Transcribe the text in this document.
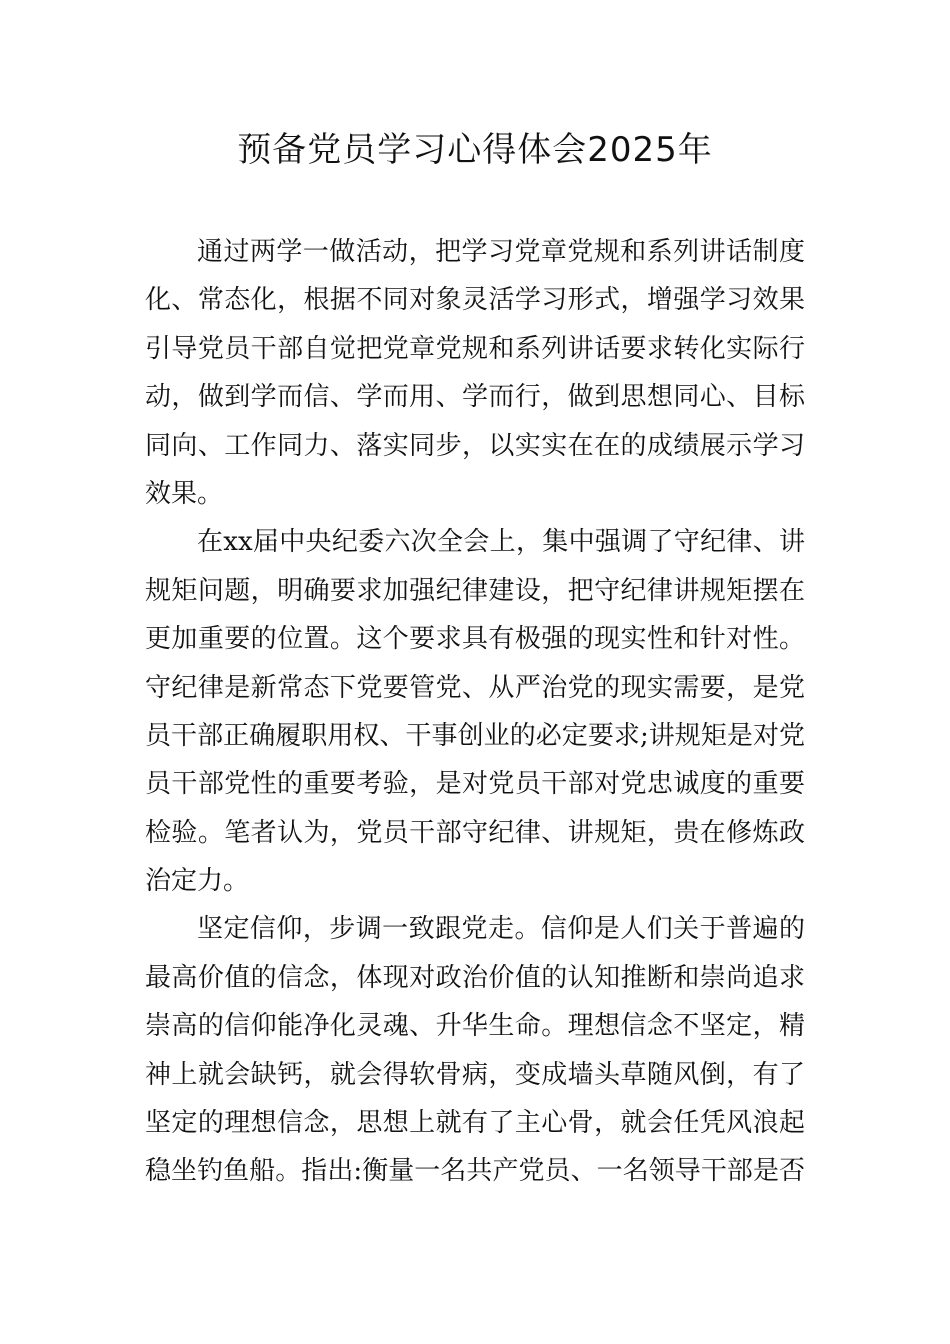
预备党员学习心得体会2025年
通过两学一做活动，把学习党章党规和系列讲话制度
化、常态化，根据不同对象灵活学习形式，增强学习效果
引导党员干部自觉把党章党规和系列讲话要求转化实际行
动，做到学而信、学而用、学而行，做到思想同心、目标
同向、工作同力、落实同步，以实实在在的成绩展示学习
效果。
在xx届中央纪委六次全会上，集中强调了守纪律、讲
规矩问题，明确要求加强纪律建设，把守纪律讲规矩摆在
更加重要的位置。这个要求具有极强的现实性和针对性。
守纪律是新常态下党要管党、从严治党的现实需要，是党
员干部正确履职用权、干事创业的必定要求;讲规矩是对党
员干部党性的重要考验，是对党员干部对党忠诚度的重要
检验。笔者认为，党员干部守纪律、讲规矩，贵在修炼政
治定力。
坚定信仰，步调一致跟党走。信仰是人们关于普遍的
最高价值的信念，体现对政治价值的认知推断和崇尚追求
崇高的信仰能净化灵魂、升华生命。理想信念不坚定，精
神上就会缺钙，就会得软骨病，变成墙头草随风倒，有了
坚定的理想信念，思想上就有了主心骨，就会任凭风浪起
稳坐钓鱼船。指出:衡量一名共产党员、一名领导干部是否
